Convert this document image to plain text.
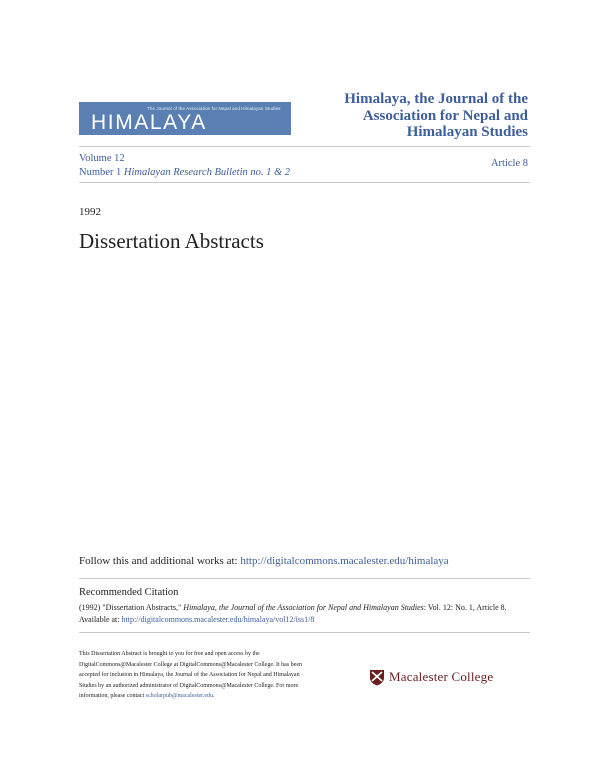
The Journal of the Association for Nepal and Himalayan Studies
HIMALAYA
Himalaya, the Journal of the Association for Nepal and Himalayan Studies
Volume 12
Number 1 Himalayan Research Bulletin no. 1 & 2
Article 8
1992
Dissertation Abstracts
Follow this and additional works at: http://digitalcommons.macalester.edu/himalaya
Recommended Citation
(1992) "Dissertation Abstracts," Himalaya, the Journal of the Association for Nepal and Himalayan Studies: Vol. 12: No. 1, Article 8.
Available at: http://digitalcommons.macalester.edu/himalaya/vol12/iss1/8
This Dissertation Abstract is brought to you for free and open access by the DigitalCommons@Macalester College at DigitalCommons@Macalester College. It has been accepted for inclusion in Himalaya, the Journal of the Association for Nepal and Himalayan Studies by an authorized administrator of DigitalCommons@Macalester College. For more information, please contact scholarpub@macalester.edu.
Macalester College
